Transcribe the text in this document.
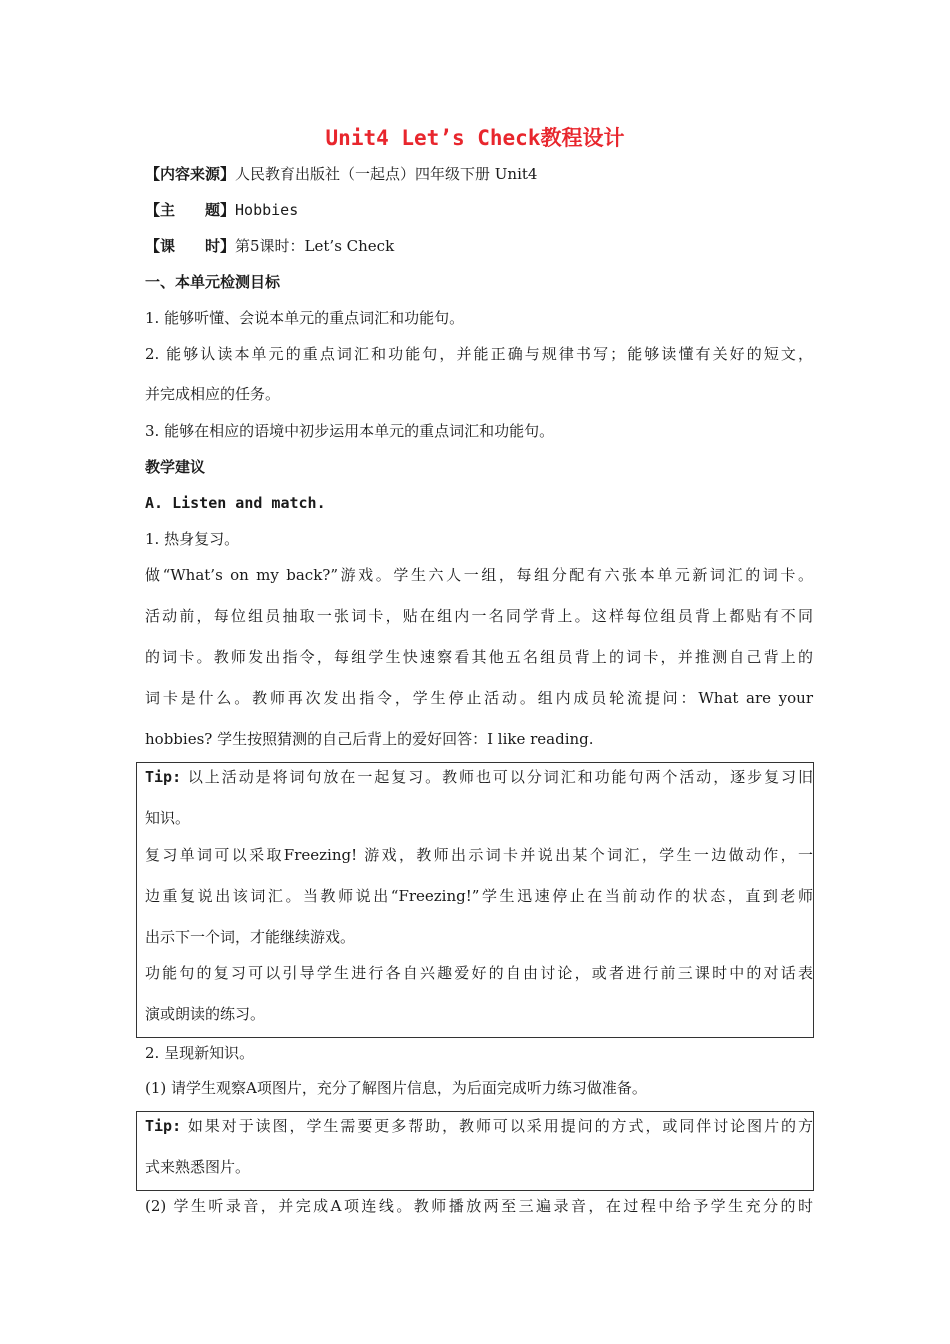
Unit4 Let’s Check教程设计
【内容来源】人民教育出版社（一起点）四年级下册 Unit4
【主　　题】Hobbies
【课　　时】第5课时：Let’s Check
一、本单元检测目标
1. 能够听懂、会说本单元的重点词汇和功能句。
2. 能够认读本单元的重点词汇和功能句，并能正确与规律书写；能够读懂有关好的短文，
并完成相应的任务。
3. 能够在相应的语境中初步运用本单元的重点词汇和功能句。
教学建议
A. Listen and match.
1. 热身复习。
做“What’s on my back?”游戏。学生六人一组，每组分配有六张本单元新词汇的词卡。
活动前，每位组员抽取一张词卡，贴在组内一名同学背上。这样每位组员背上都贴有不同
的词卡。教师发出指令，每组学生快速察看其他五名组员背上的词卡，并推测自己背上的
词卡是什么。教师再次发出指令，学生停止活动。组内成员轮流提问：What are your
hobbies? 学生按照猜测的自己后背上的爱好回答：I like reading.
Tip: 以上活动是将词句放在一起复习。教师也可以分词汇和功能句两个活动，逐步复习旧
知识。
复习单词可以采取Freezing! 游戏，教师出示词卡并说出某个词汇，学生一边做动作，一
边重复说出该词汇。当教师说出“Freezing!”学生迅速停止在当前动作的状态，直到老师
出示下一个词，才能继续游戏。
功能句的复习可以引导学生进行各自兴趣爱好的自由讨论，或者进行前三课时中的对话表
演或朗读的练习。
2. 呈现新知识。
(1) 请学生观察A项图片，充分了解图片信息，为后面完成听力练习做准备。
Tip: 如果对于读图，学生需要更多帮助，教师可以采用提问的方式，或同伴讨论图片的方
式来熟悉图片。
(2) 学生听录音，并完成A项连线。教师播放两至三遍录音，在过程中给予学生充分的时
